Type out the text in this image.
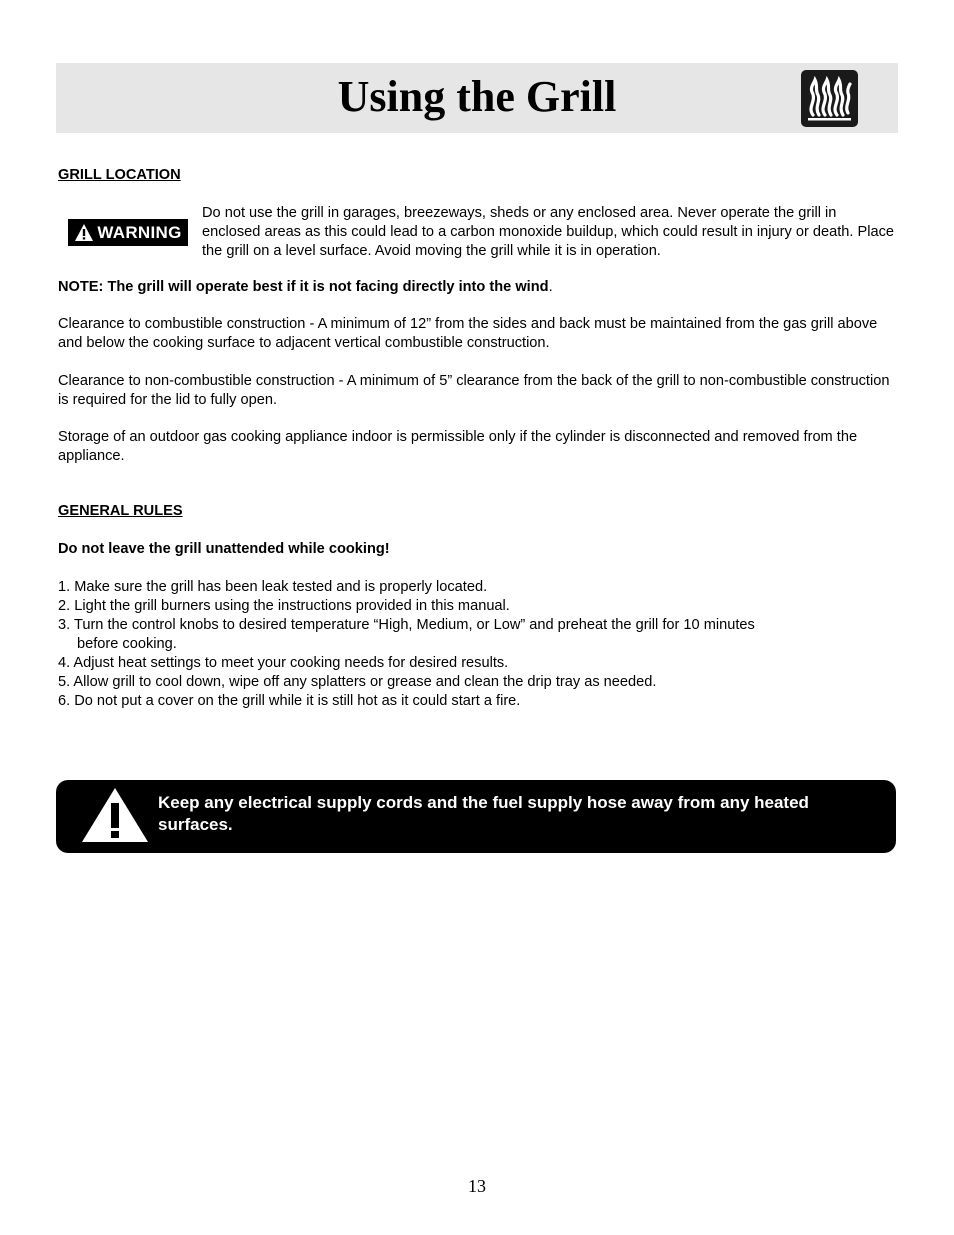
Using the Grill
GRILL LOCATION
WARNING
Do not use the grill in garages, breezeways, sheds or any enclosed area. Never operate the grill in enclosed areas as this could lead to a carbon monoxide buildup, which could result in injury or death. Place the grill on a level surface. Avoid moving the grill while it is in operation.
NOTE: The grill will operate best if it is not facing directly into the wind.
Clearance to combustible construction - A minimum of 12” from the sides and back must be maintained from the gas grill above and below the cooking surface to adjacent vertical combustible construction.
Clearance to non-combustible construction - A minimum of 5” clearance from the back of the grill to non-combustible construction is required for the lid to fully open.
Storage of an outdoor gas cooking appliance indoor is permissible only if the cylinder is disconnected and removed from the appliance.
GENERAL RULES
Do not leave the grill unattended while cooking!
1. Make sure the grill has been leak tested and is properly located.
2. Light the grill burners using the instructions provided in this manual.
3. Turn the control knobs to desired temperature “High, Medium, or Low” and preheat the grill for 10 minutes
before cooking.
4. Adjust heat settings to meet your cooking needs for desired results.
5. Allow grill to cool down, wipe off any splatters or grease and clean the drip tray as needed.
6. Do not put a cover on the grill while it is still hot as it could start a fire.
Keep any electrical supply cords and the fuel supply hose away from any heated surfaces.
13
